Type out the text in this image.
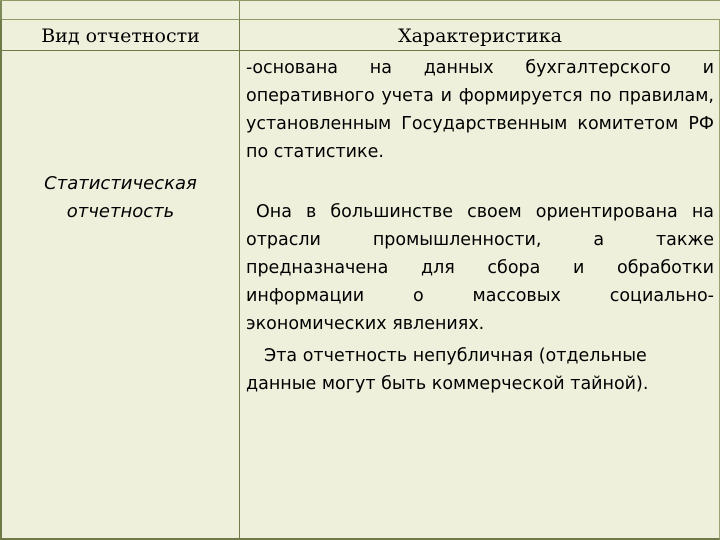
Вид отчетности	Характеристика
Статистическая отчетность
-основана на данных бухгалтерского и оперативного учета и формируется по правилам, установленным Государственным комитетом РФ по статистике.
Она в большинстве своем ориентирована на отрасли промышленности, а также предназначена для сбора и обработки информации о массовых социально-экономических явлениях.
Эта отчетность непубличная (отдельные данные могут быть коммерческой тайной).
